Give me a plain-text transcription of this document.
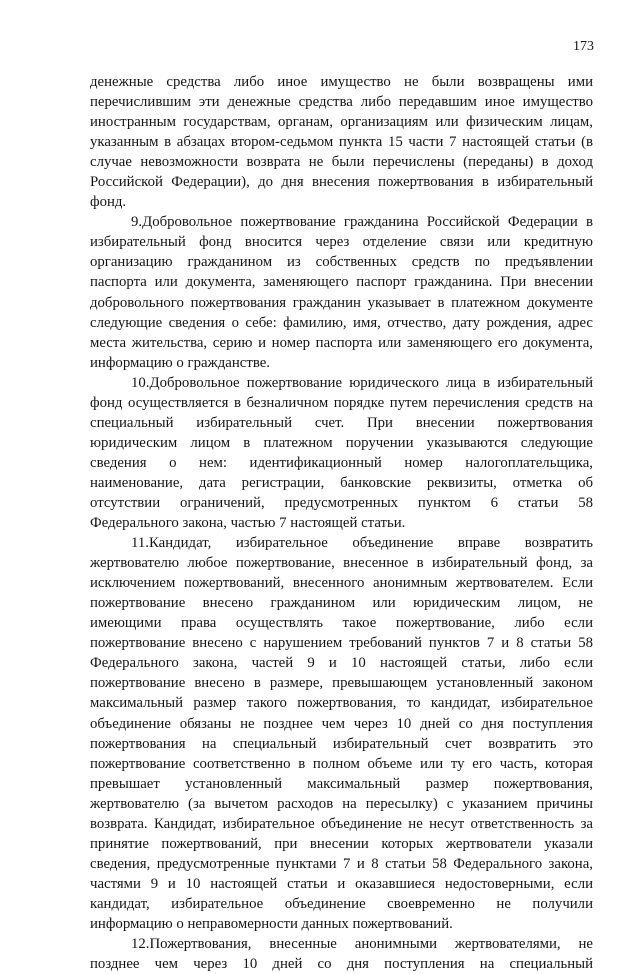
173
денежные средства либо иное имущество не были возвращены ими
перечислившим эти денежные средства либо передавшим иное имущество
иностранным государствам, органам, организациям или физическим лицам,
указанным в абзацах втором-седьмом пункта 15 части 7 настоящей статьи (в
случае невозможности возврата не были перечислены (переданы) в доход
Российской Федерации), до дня внесения пожертвования в избирательный
фонд.
9.Добровольное пожертвование гражданина Российской Федерации в
избирательный фонд вносится через отделение связи или кредитную
организацию гражданином из собственных средств по предъявлении
паспорта или документа, заменяющего паспорт гражданина. При внесении
добровольного пожертвования гражданин указывает в платежном документе
следующие сведения о себе: фамилию, имя, отчество, дату рождения, адрес
места жительства, серию и номер паспорта или заменяющего его документа,
информацию о гражданстве.
10.Добровольное пожертвование юридического лица в избирательный
фонд осуществляется в безналичном порядке путем перечисления средств на
специальный избирательный счет. При внесении пожертвования
юридическим лицом в платежном поручении указываются следующие
сведения о нем: идентификационный номер налогоплательщика,
наименование, дата регистрации, банковские реквизиты, отметка об
отсутствии ограничений, предусмотренных пунктом 6 статьи 58
Федерального закона, частью 7 настоящей статьи.
11.Кандидат, избирательное объединение вправе возвратить
жертвователю любое пожертвование, внесенное в избирательный фонд, за
исключением пожертвований, внесенного анонимным жертвователем. Если
пожертвование внесено гражданином или юридическим лицом, не
имеющими права осуществлять такое пожертвование, либо если
пожертвование внесено с нарушением требований пунктов 7 и 8 статьи 58
Федерального закона, частей 9 и 10 настоящей статьи, либо если
пожертвование внесено в размере, превышающем установленный законом
максимальный размер такого пожертвования, то кандидат, избирательное
объединение обязаны не позднее чем через 10 дней со дня поступления
пожертвования на специальный избирательный счет возвратить это
пожертвование соответственно в полном объеме или ту его часть, которая
превышает установленный максимальный размер пожертвования,
жертвователю (за вычетом расходов на пересылку) с указанием причины
возврата. Кандидат, избирательное объединение не несут ответственность за
принятие пожертвований, при внесении которых жертвователи указали
сведения, предусмотренные пунктами 7 и 8 статьи 58 Федерального закона,
частями 9 и 10 настоящей статьи и оказавшиеся недостоверными, если
кандидат, избирательное объединение своевременно не получили
информацию о неправомерности данных пожертвований.
12.Пожертвования, внесенные анонимными жертвователями, не
позднее чем через 10 дней со дня поступления на специальный
